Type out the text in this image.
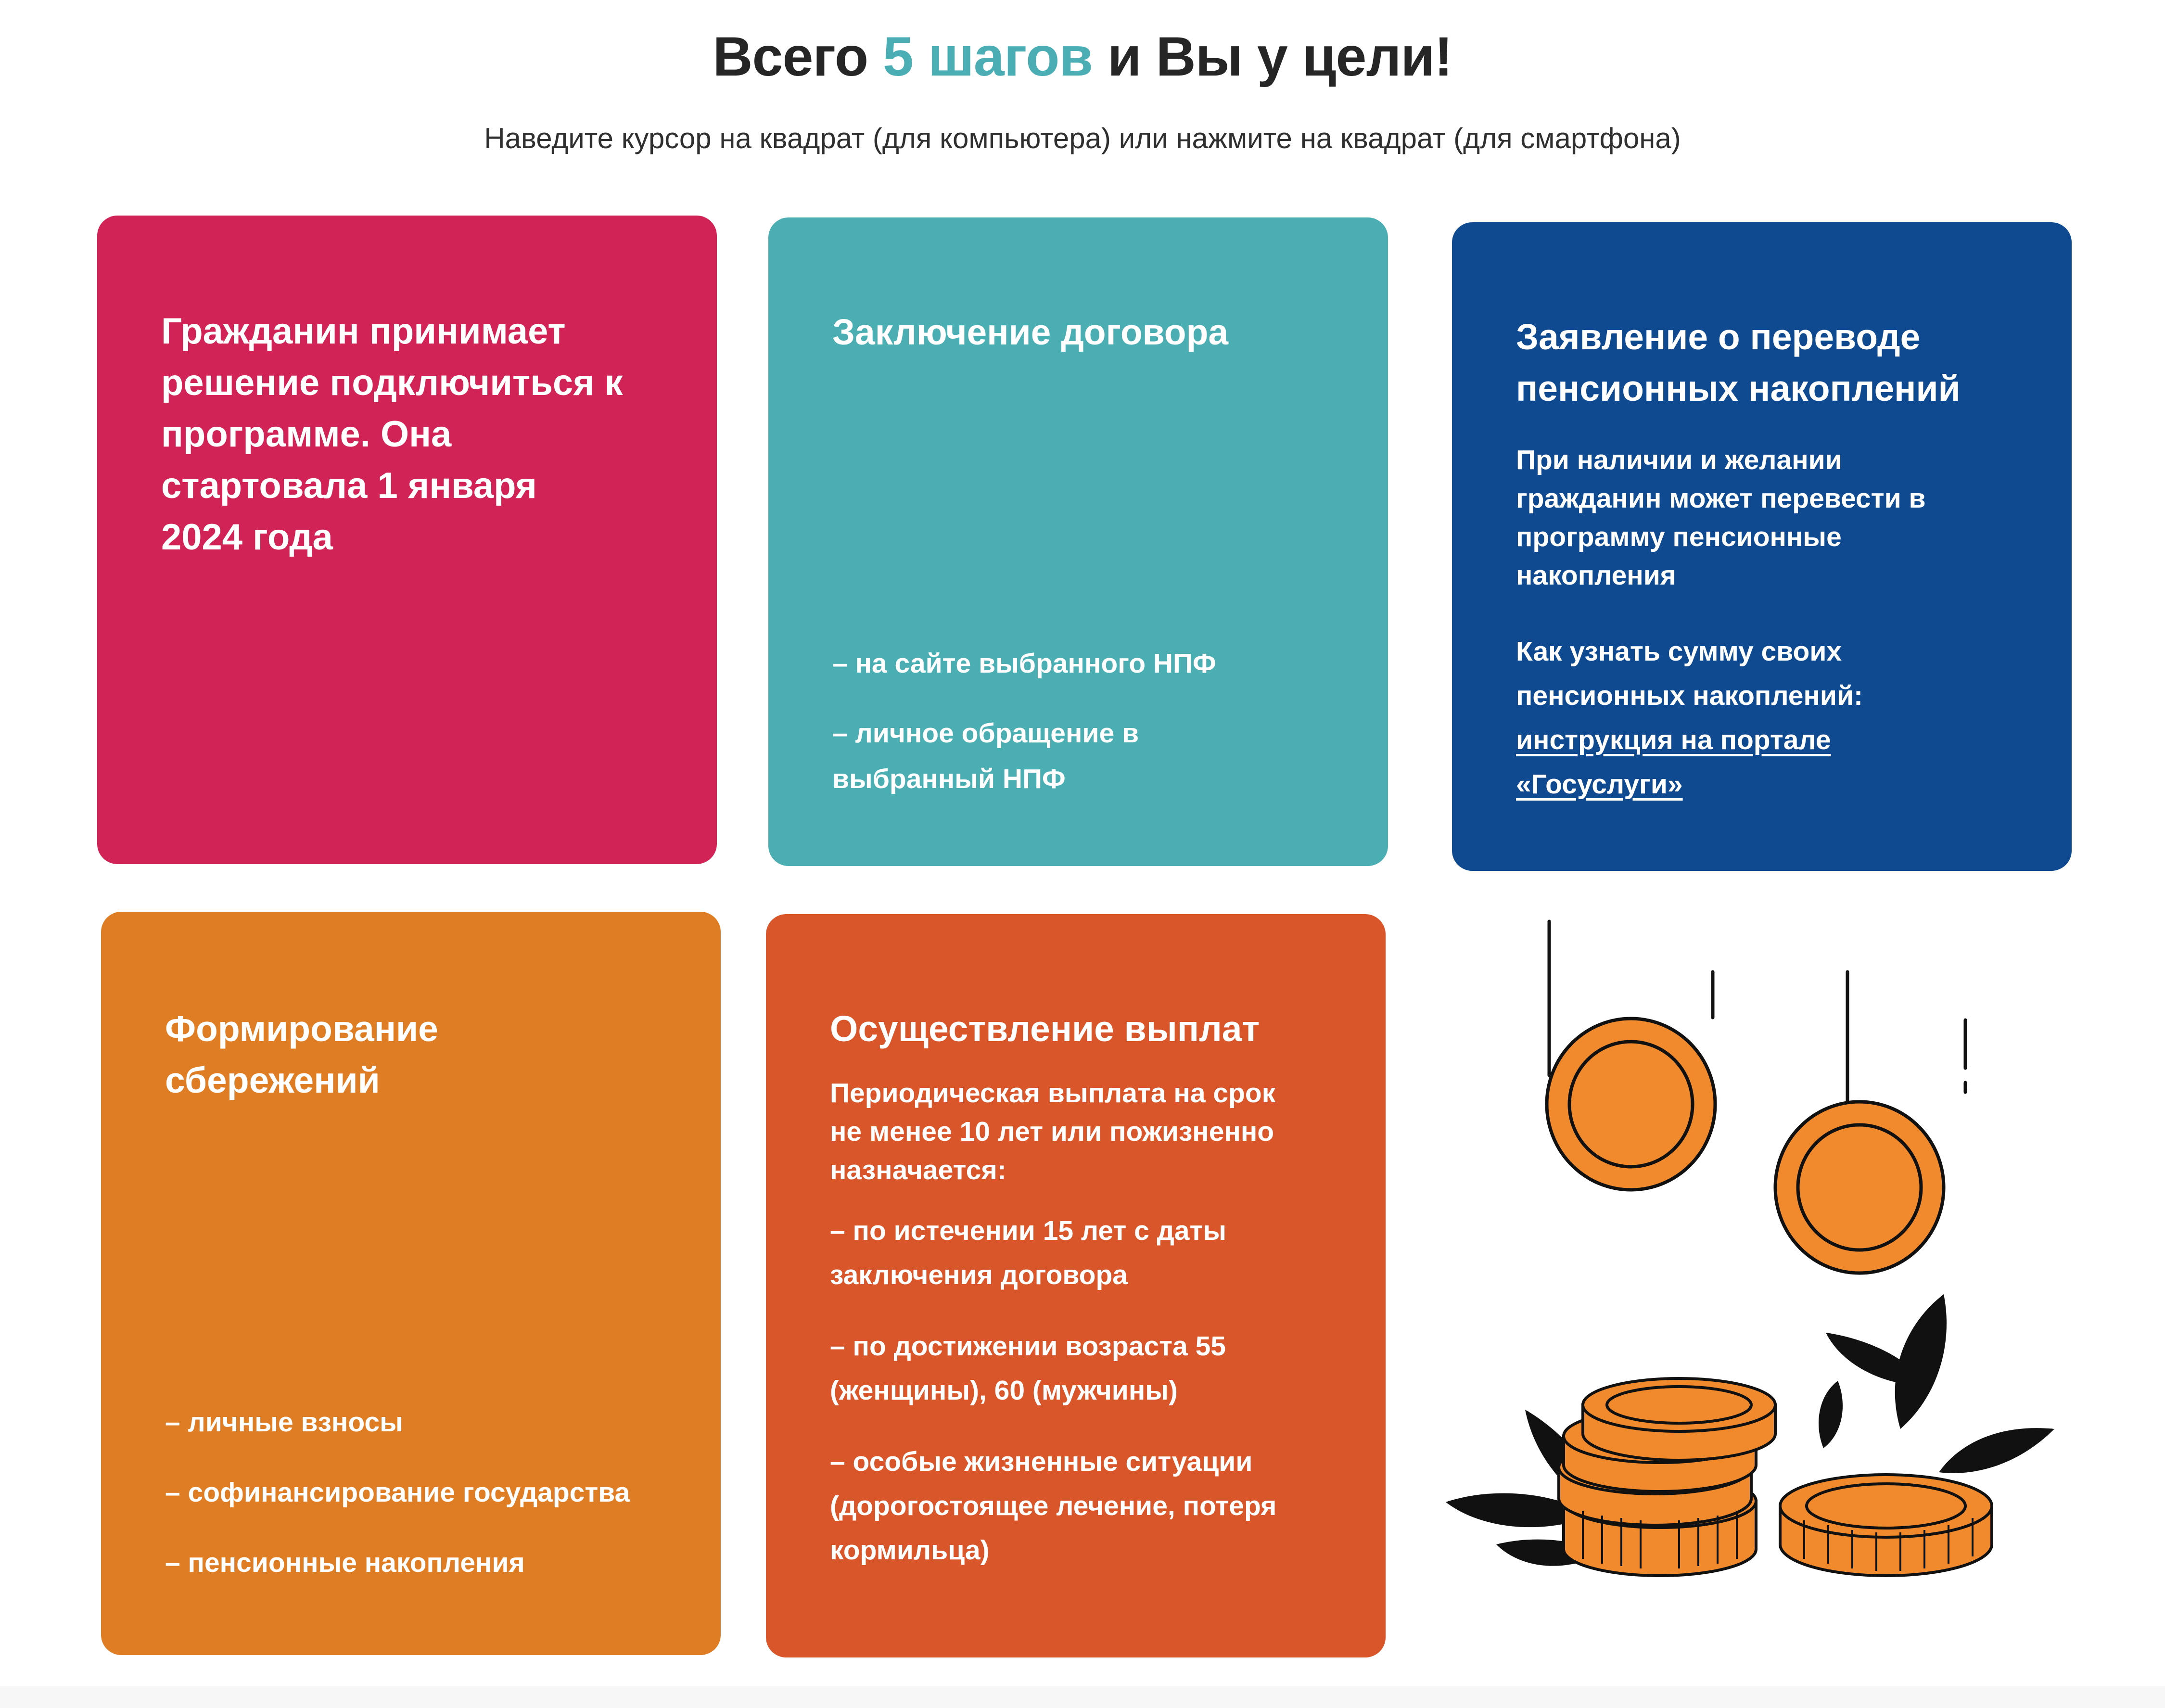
Всего 5 шагов и Вы у цели!
Наведите курсор на квадрат (для компьютера) или нажмите на квадрат (для смартфона)
Гражданин принимает
решение подключиться к
программе. Она
стартовала 1 января
2024 года
Заключение договора
– на сайте выбранного НПФ
– личное обращение в
выбранный НПФ
Заявление о переводе
пенсионных накоплений
При наличии и желании
гражданин может перевести в
программу пенсионные
накопления
Как узнать сумму своих
пенсионных накоплений:
инструкция на портале
«Госуслуги»
Формирование
сбережений
– личные взносы
– софинансирование государства
– пенсионные накопления
Осуществление выплат
Периодическая выплата на срок
не менее 10 лет или пожизненно
назначается:
– по истечении 15 лет с даты
заключения договора
– по достижении возраста 55
(женщины), 60 (мужчины)
– особые жизненные ситуации
(дорогостоящее лечение, потеря
кормильца)
